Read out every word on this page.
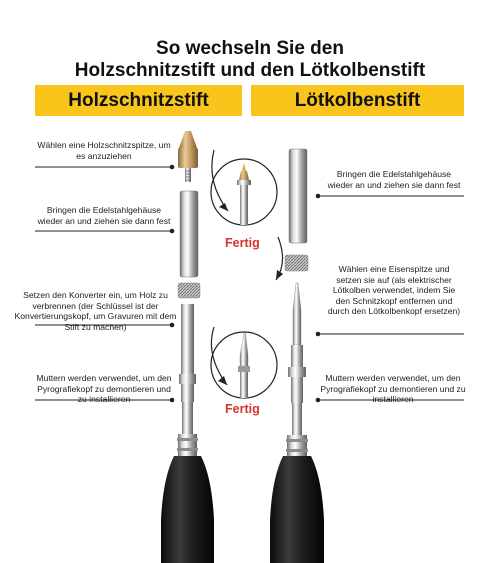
So wechseln Sie den
Holzschnitzstift und den Lötkolbenstift
Holzschnitzstift	Lötkolbenstift
Wählen eine Holzschnitzspitze, um es anzuziehen
Bringen die Edelstahlgehäuse wieder an und ziehen sie dann fest
Setzen den Konverter ein, um Holz zu verbrennen (der Schlüssel ist der Konvertierungskopf, um Gravuren mit dem Stift zu machen)
Muttern werden verwendet, um den Pyrografiekopf zu demontieren und zu installieren
Bringen die Edelstahlgehäuse wieder an und ziehen sie dann fest
Wählen eine Eisenspitze und setzen sie auf (als elektrischer Lötkolben verwendet, indem Sie den Schnitzkopf entfernen und durch den Lötkolbenkopf ersetzen)
Muttern werden verwendet, um den Pyrografiekopf zu demontieren und zu installieren
Fertig
Fertig
